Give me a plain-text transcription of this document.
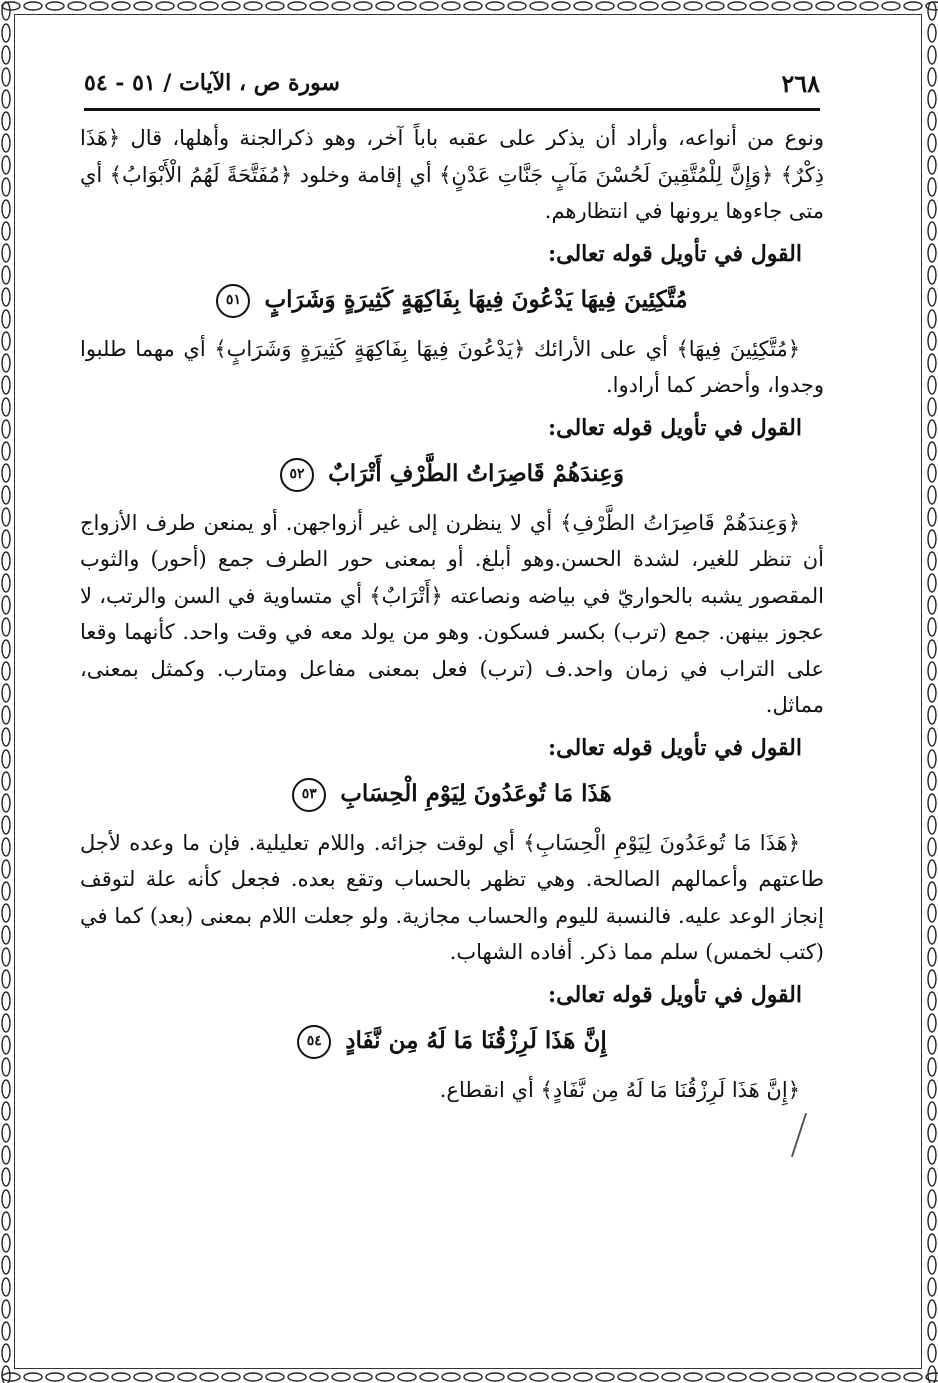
٢٦٨
سورة ص ، الآيات / ٥١ - ٥٤

ونوع من أنواعه، وأراد أن يذكر على عقبه باباً آخر، وهو ذكرالجنة وأهلها، قال ﴿هَذَا ذِكْرٌ﴾ ﴿وَإِنَّ لِلْمُتَّقِينَ لَحُسْنَ مَآبٍ جَنَّاتِ عَدْنٍ﴾ أي إقامة وخلود ﴿مُفَتَّحَةً لَهُمُ الْأَبْوَابُ﴾ أي متى جاءوها يرونها في انتظارهم.

القول في تأويل قوله تعالى:

مُتَّكِئِينَ فِيهَا يَدْعُونَ فِيهَا بِفَاكِهَةٍ كَثِيرَةٍ وَشَرَابٍ ٥١

﴿مُتَّكِئِينَ فِيهَا﴾ أي على الأرائك ﴿يَدْعُونَ فِيهَا بِفَاكِهَةٍ كَثِيرَةٍ وَشَرَابٍ﴾ أي مهما طلبوا وجدوا، وأحضر كما أرادوا.

القول في تأويل قوله تعالى:

وَعِندَهُمْ قَاصِرَاتُ الطَّرْفِ أَتْرَابٌ ٥٢

﴿وَعِندَهُمْ قَاصِرَاتُ الطَّرْفِ﴾ أي لا ينظرن إلى غير أزواجهن. أو يمنعن طرف الأزواج أن تنظر للغير، لشدة الحسن.وهو أبلغ. أو بمعنى حور الطرف جمع (أحور) والثوب المقصور يشبه بالحواريّ في بياضه ونصاعته ﴿أَتْرَابٌ﴾ أي متساوية في السن والرتب، لا عجوز بينهن. جمع (ترب) بكسر فسكون. وهو من يولد معه في وقت واحد. كأنهما وقعا على التراب في زمان واحد.ف (ترب) فعل بمعنى مفاعل ومتارب. وكمثل بمعنى، مماثل.

القول في تأويل قوله تعالى:

هَذَا مَا تُوعَدُونَ لِيَوْمِ الْحِسَابِ ٥٣

﴿هَذَا مَا تُوعَدُونَ لِيَوْمِ الْحِسَابِ﴾ أي لوقت جزائه. واللام تعليلية. فإن ما وعده لأجل طاعتهم وأعمالهم الصالحة. وهي تظهر بالحساب وتقع بعده. فجعل كأنه علة لتوقف إنجاز الوعد عليه. فالنسبة لليوم والحساب مجازية. ولو جعلت اللام بمعنى (بعد) كما في (كتب لخمس) سلم مما ذكر. أفاده الشهاب.

القول في تأويل قوله تعالى:

إِنَّ هَذَا لَرِزْقُنَا مَا لَهُ مِن نَّفَادٍ ٥٤

﴿إِنَّ هَذَا لَرِزْقُنَا مَا لَهُ مِن نَّفَادٍ﴾ أي انقطاع.
